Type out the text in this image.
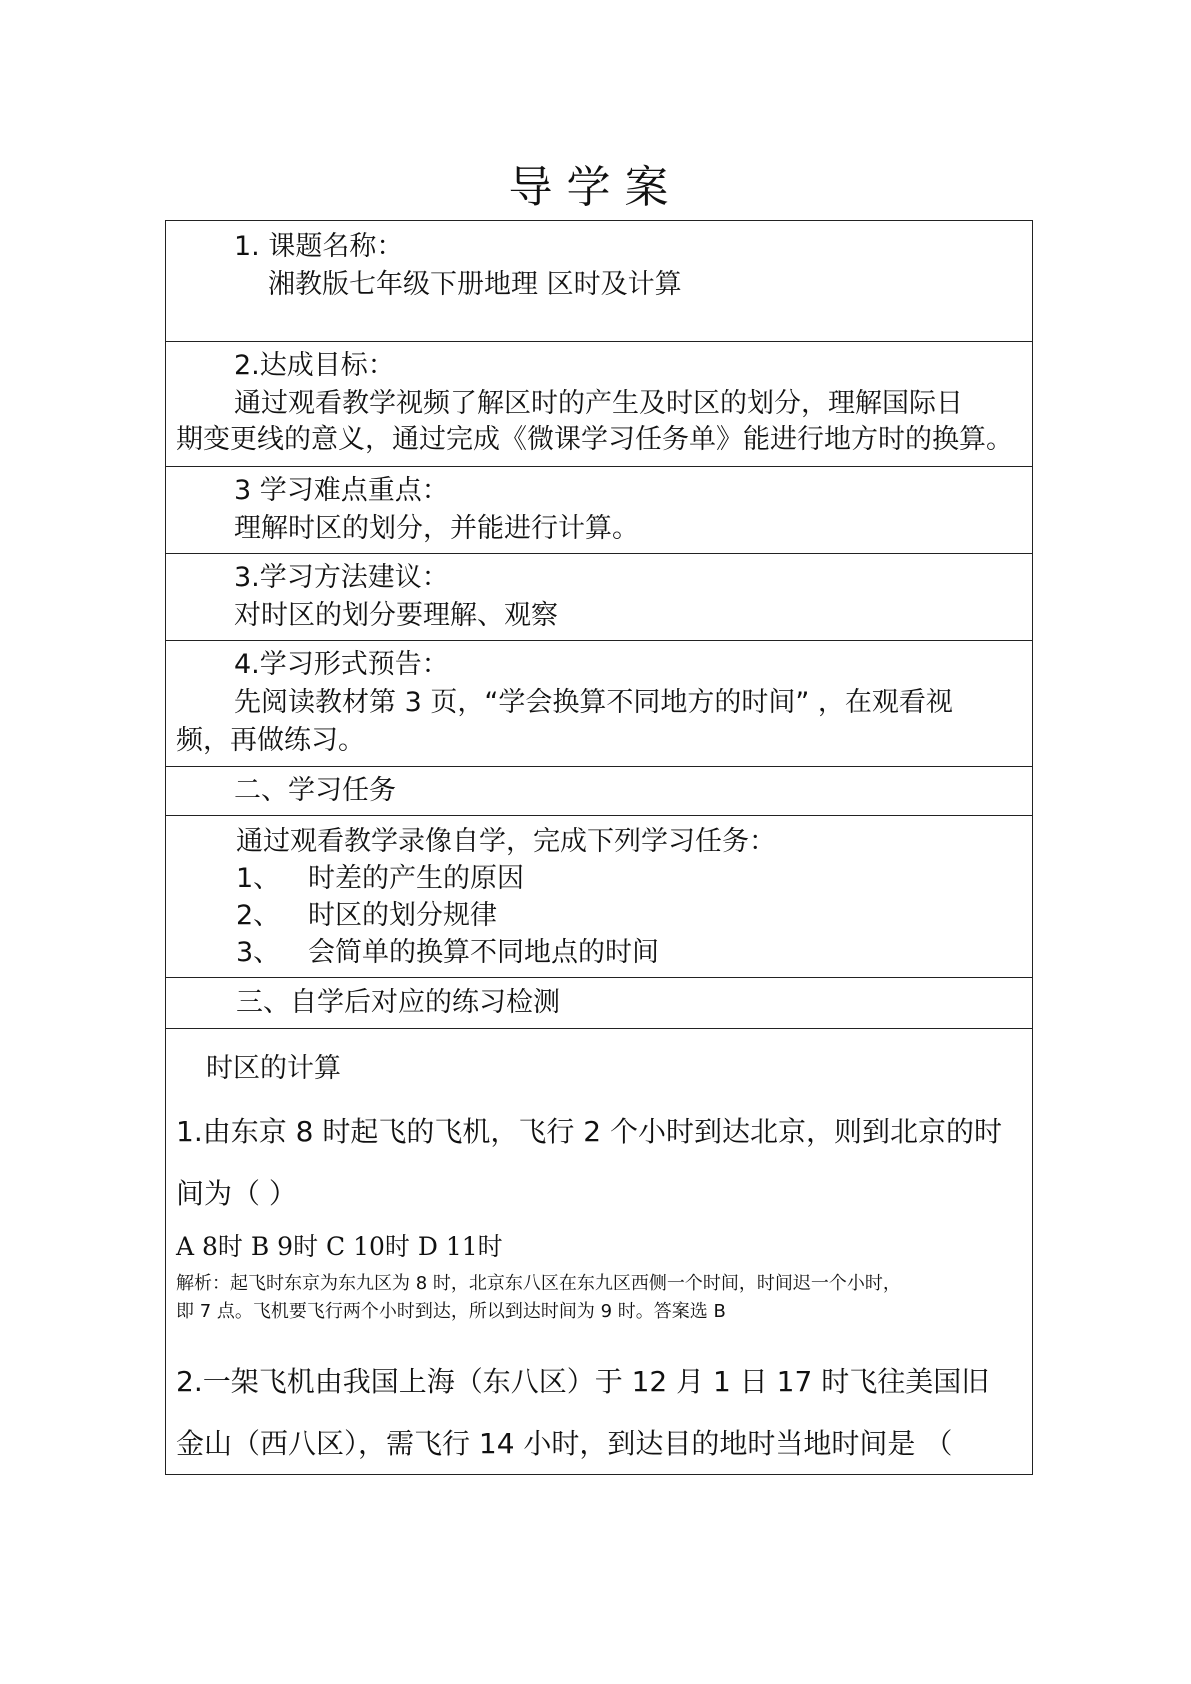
导学案
1. 课题名称：
湘教版七年级下册地理 区时及计算
2.达成目标：
通过观看教学视频了解区时的产生及时区的划分，理解国际日
期变更线的意义，通过完成《微课学习任务单》能进行地方时的换算。
3 学习难点重点：
理解时区的划分，并能进行计算。
3.学习方法建议：
对时区的划分要理解、观察
4.学习形式预告：
先阅读教材第 3 页，“学会换算不同地方的时间” ，在观看视
频，再做练习。
二、学习任务
通过观看教学录像自学，完成下列学习任务：
1、 时差的产生的原因
2、 时区的划分规律
3、 会简单的换算不同地点的时间
三、自学后对应的练习检测
时区的计算
1.由东京 8 时起飞的飞机，飞行 2 个小时到达北京，则到北京的时
间为（ ）
A 8时 B 9时 C 10时 D 11时
解析：起飞时东京为东九区为 8 时，北京东八区在东九区西侧一个时间，时间迟一个小时，
即 7 点。飞机要飞行两个小时到达，所以到达时间为 9 时。答案选 B
2.一架飞机由我国上海（东八区）于 12 月 1 日 17 时飞往美国旧
金山（西八区），需飞行 14 小时，到达目的地时当地时间是 （
